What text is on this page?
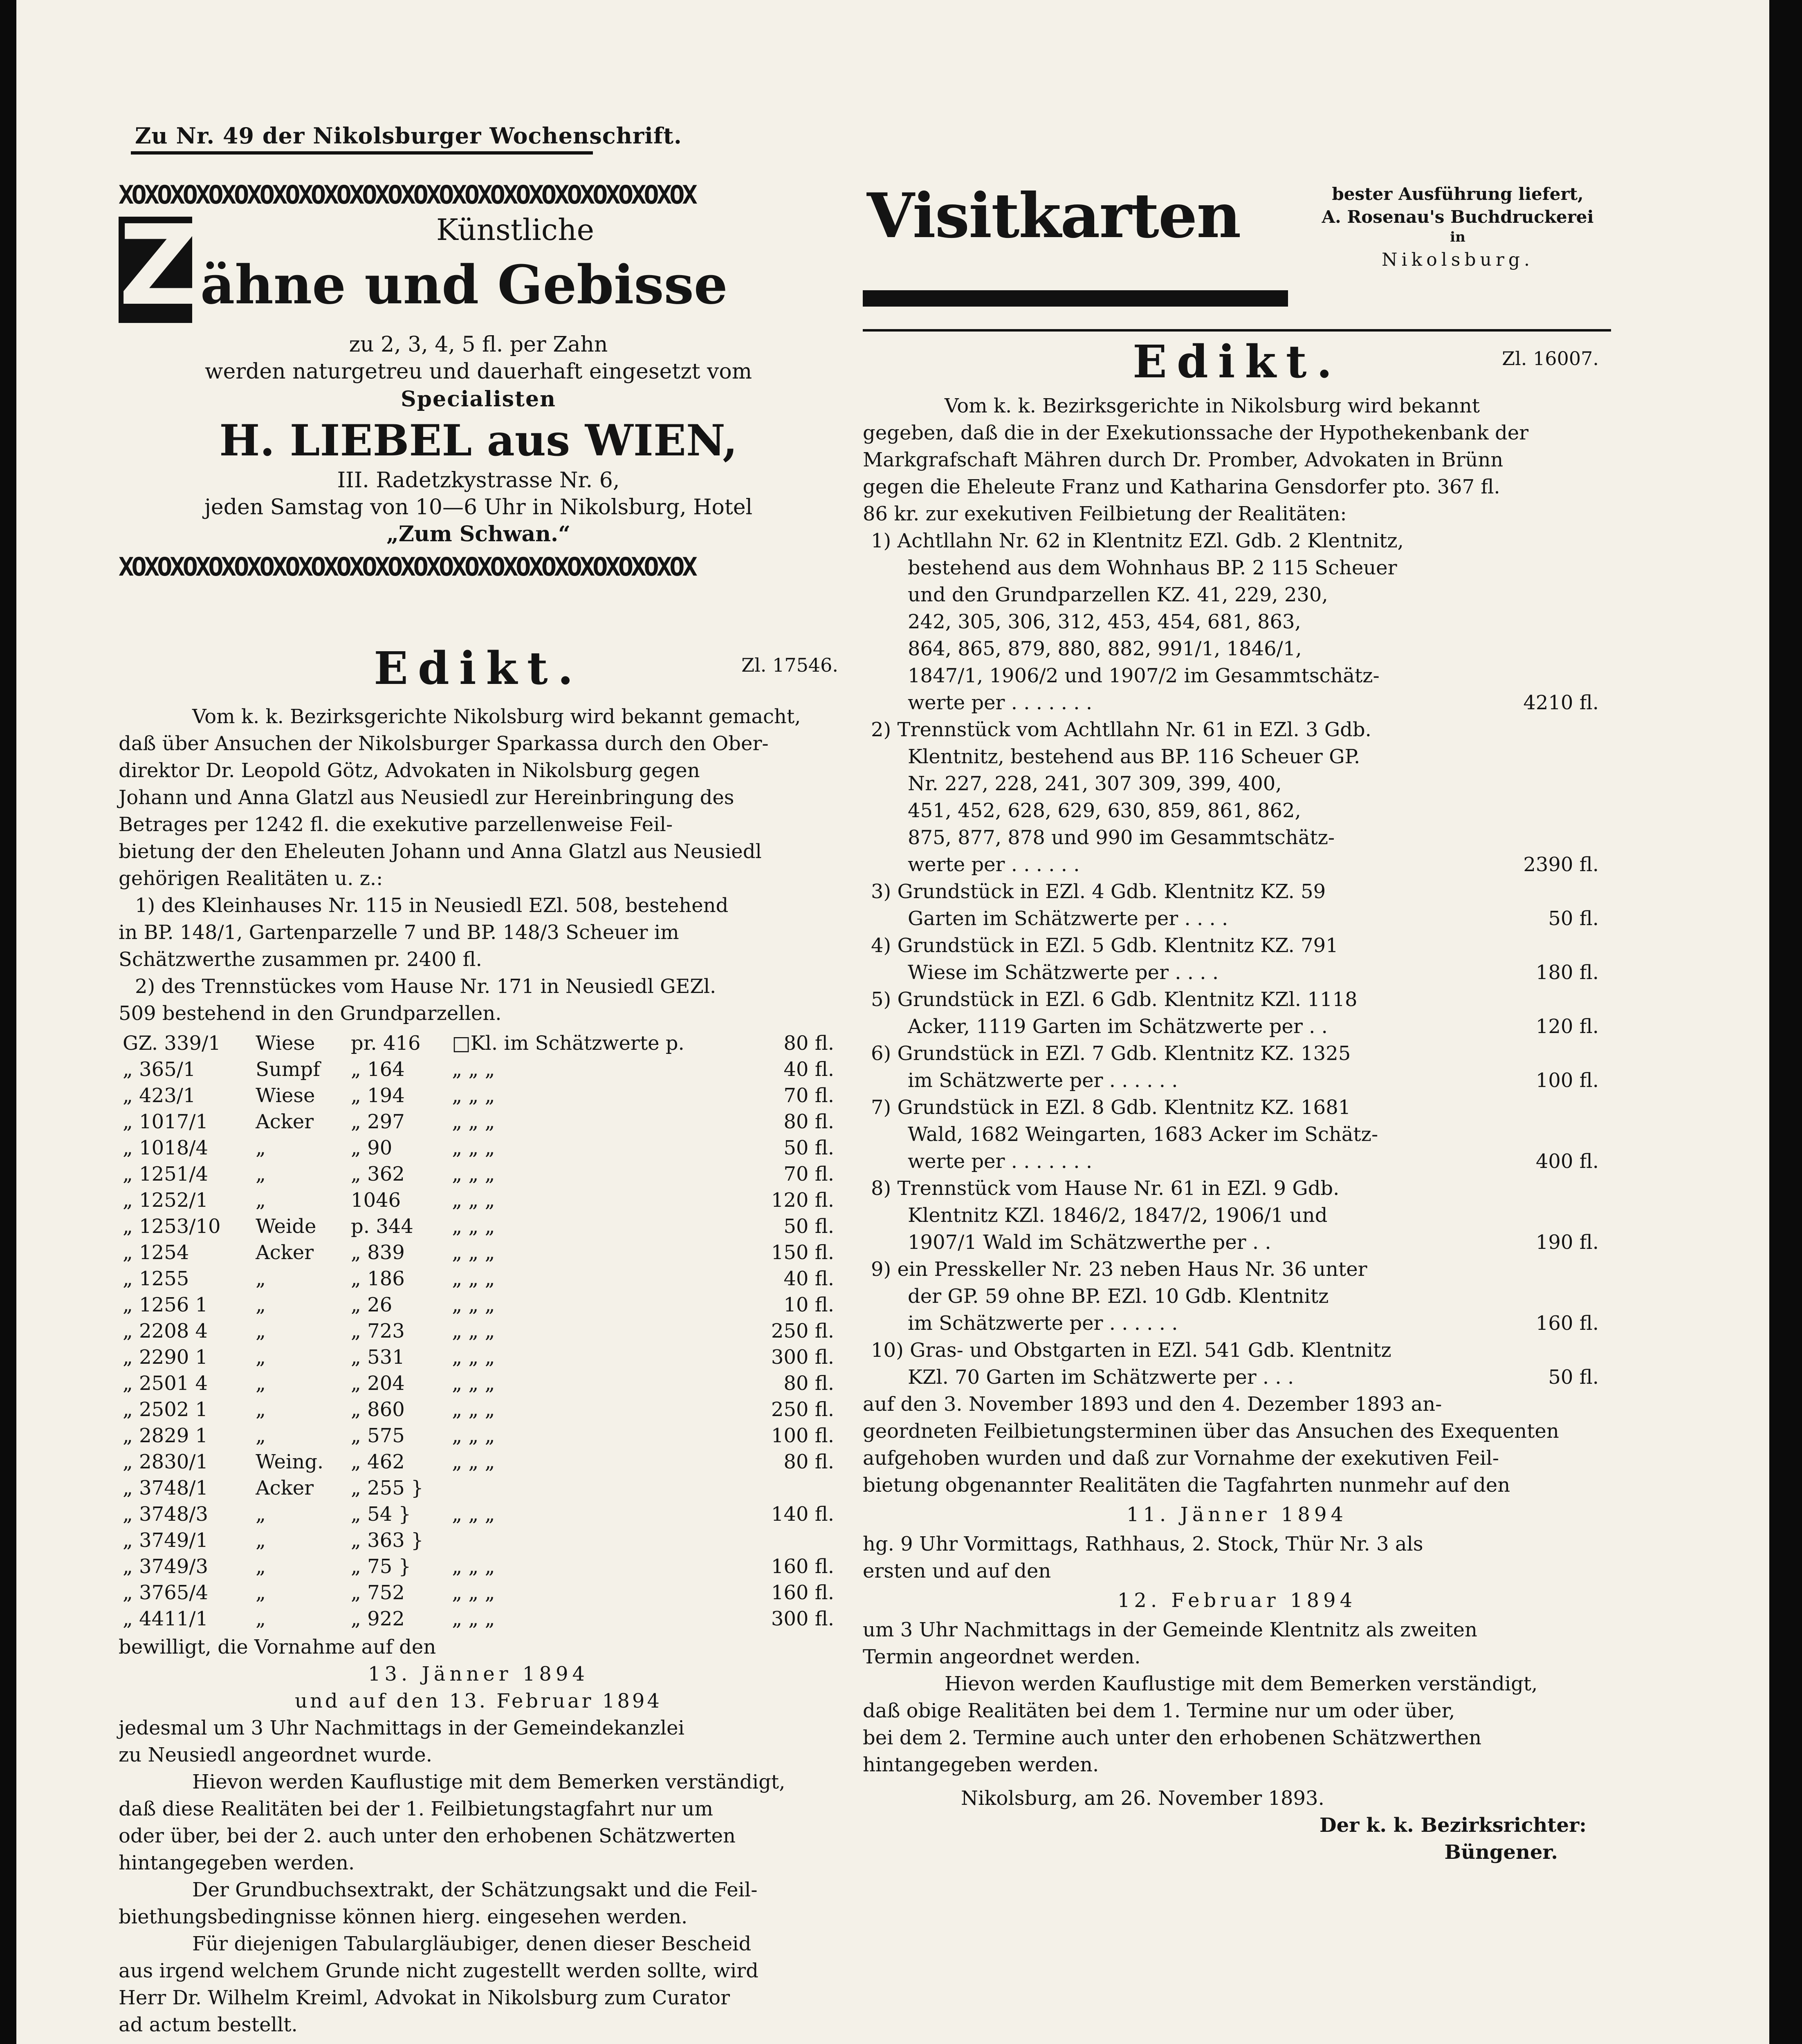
Zu Nr. 49 der Nikolsburger Wochenschrift.
XOXOXOXOXOXOXOXOXOXOXOXOXOXOXOXOXOXOXOXOXOXOX
Z	Künstliche
ähne und Gebisse
zu 2, 3, 4, 5 fl. per Zahn
werden naturgetreu und dauerhaft eingesetzt vom
Specialisten
H. LIEBEL aus WIEN,
III. Radetzkystrasse Nr. 6,
jeden Samstag von 10—6 Uhr in Nikolsburg, Hotel
„Zum Schwan.“
XOXOXOXOXOXOXOXOXOXOXOXOXOXOXOXOXOXOXOXOXOXOX
Edikt.	Zl. 17546.

Vom k. k. Bezirksgerichte Nikolsburg wird bekannt gemacht,

daß über Ansuchen der Nikolsburger Sparkassa durch den Ober-

direktor Dr. Leopold Götz, Advokaten in Nikolsburg gegen

Johann und Anna Glatzl aus Neusiedl zur Hereinbringung des

Betrages per 1242 fl. die exekutive parzellenweise Feil-

bietung der den Eheleuten Johann und Anna Glatzl aus Neusiedl

gehörigen Realitäten u. z.:

1) des Kleinhauses Nr. 115 in Neusiedl EZl. 508, bestehend

in BP. 148/1, Gartenparzelle 7 und BP. 148/3 Scheuer im

Schätzwerthe zusammen pr. 2400 fl.

2) des Trennstückes vom Hause Nr. 171 in Neusiedl GEZl.

509 bestehend in den Grundparzellen.

GZ. 339/1	Wiese	pr. 416	□Kl. im Schätzwerte p.	80 fl.
„ 365/1	Sumpf	„ 164	„ „ „	40 fl.
„ 423/1	Wiese	„ 194	„ „ „	70 fl.
„ 1017/1	Acker	„ 297	„ „ „	80 fl.
„ 1018/4	„	„ 90	„ „ „	50 fl.
„ 1251/4	„	„ 362	„ „ „	70 fl.
„ 1252/1	„	1046	„ „ „	120 fl.
„ 1253/10	Weide	p. 344	„ „ „	50 fl.
„ 1254	Acker	„ 839	„ „ „	150 fl.
„ 1255	„	„ 186	„ „ „	40 fl.
„ 1256 1	„	„ 26	„ „ „	10 fl.
„ 2208 4	„	„ 723	„ „ „	250 fl.
„ 2290 1	„	„ 531	„ „ „	300 fl.
„ 2501 4	„	„ 204	„ „ „	80 fl.
„ 2502 1	„	„ 860	„ „ „	250 fl.
„ 2829 1	„	„ 575	„ „ „	100 fl.
„ 2830/1	Weing.	„ 462	„ „ „	80 fl.
„ 3748/1	Acker	„ 255 }		
„ 3748/3	„	„ 54 }	„ „ „	140 fl.
„ 3749/1	„	„ 363 }		
„ 3749/3	„	„ 75 }	„ „ „	160 fl.
„ 3765/4	„	„ 752	„ „ „	160 fl.
„ 4411/1	„	„ 922	„ „ „	300 fl.

bewilligt, die Vornahme auf den

13. Jänner 1894

und auf den 13. Februar 1894

jedesmal um 3 Uhr Nachmittags in der Gemeindekanzlei

zu Neusiedl angeordnet wurde.

Hievon werden Kauflustige mit dem Bemerken verständigt,

daß diese Realitäten bei der 1. Feilbietungstagfahrt nur um

oder über, bei der 2. auch unter den erhobenen Schätzwerten

hintangegeben werden.

Der Grundbuchsextrakt, der Schätzungsakt und die Feil-

biethungsbedingnisse können hierg. eingesehen werden.

Für diejenigen Tabulargläubiger, denen dieser Bescheid

aus irgend welchem Grunde nicht zugestellt werden sollte, wird

Herr Dr. Wilhelm Kreiml, Advokat in Nikolsburg zum Curator

ad actum bestellt.

Visitkarten	bester Ausführung liefert,
A. Rosenau's Buchdruckerei
in
Nikolsburg.
Edikt.	Zl. 16007.

Vom k. k. Bezirksgerichte in Nikolsburg wird bekannt

gegeben, daß die in der Exekutionssache der Hypothekenbank der

Markgrafschaft Mähren durch Dr. Promber, Advokaten in Brünn

gegen die Eheleute Franz und Katharina Gensdorfer pto. 367 fl.

86 kr. zur exekutiven Feilbietung der Realitäten:

1) Achtllahn Nr. 62 in Klentnitz EZl. Gdb. 2 Klentnitz,

bestehend aus dem Wohnhaus BP. 2 115 Scheuer

und den Grundparzellen KZ. 41, 229, 230,

242, 305, 306, 312, 453, 454, 681, 863,

864, 865, 879, 880, 882, 991/1, 1846/1,

1847/1, 1906/2 und 1907/2 im Gesammtschätz-

werte per . . . . . . .	4210 fl.

2) Trennstück vom Achtllahn Nr. 61 in EZl. 3 Gdb.

Klentnitz, bestehend aus BP. 116 Scheuer GP.

Nr. 227, 228, 241, 307 309, 399, 400,

451, 452, 628, 629, 630, 859, 861, 862,

875, 877, 878 und 990 im Gesammtschätz-

werte per . . . . . .	2390 fl.

3) Grundstück in EZl. 4 Gdb. Klentnitz KZ. 59

Garten im Schätzwerte per . . . .	50 fl.

4) Grundstück in EZl. 5 Gdb. Klentnitz KZ. 791

Wiese im Schätzwerte per . . . .	180 fl.

5) Grundstück in EZl. 6 Gdb. Klentnitz KZl. 1118

Acker, 1119 Garten im Schätzwerte per . .	120 fl.

6) Grundstück in EZl. 7 Gdb. Klentnitz KZ. 1325

im Schätzwerte per . . . . . .	100 fl.

7) Grundstück in EZl. 8 Gdb. Klentnitz KZ. 1681

Wald, 1682 Weingarten, 1683 Acker im Schätz-

werte per . . . . . . .	400 fl.

8) Trennstück vom Hause Nr. 61 in EZl. 9 Gdb.

Klentnitz KZl. 1846/2, 1847/2, 1906/1 und

1907/1 Wald im Schätzwerthe per . .	190 fl.

9) ein Presskeller Nr. 23 neben Haus Nr. 36 unter

der GP. 59 ohne BP. EZl. 10 Gdb. Klentnitz

im Schätzwerte per . . . . . .	160 fl.

10) Gras- und Obstgarten in EZl. 541 Gdb. Klentnitz

KZl. 70 Garten im Schätzwerte per . . .	50 fl.

auf den 3. November 1893 und den 4. Dezember 1893 an-

geordneten Feilbietungsterminen über das Ansuchen des Exequenten

aufgehoben wurden und daß zur Vornahme der exekutiven Feil-

bietung obgenannter Realitäten die Tagfahrten nunmehr auf den

11. Jänner 1894

hg. 9 Uhr Vormittags, Rathhaus, 2. Stock, Thür Nr. 3 als

ersten und auf den

12. Februar 1894

um 3 Uhr Nachmittags in der Gemeinde Klentnitz als zweiten

Termin angeordnet werden.

Hievon werden Kauflustige mit dem Bemerken verständigt,

daß obige Realitäten bei dem 1. Termine nur um oder über,

bei dem 2. Termine auch unter den erhobenen Schätzwerthen

hintangegeben werden.

Nikolsburg, am 26. November 1893.

Der k. k. Bezirksrichter:

Büngener.
